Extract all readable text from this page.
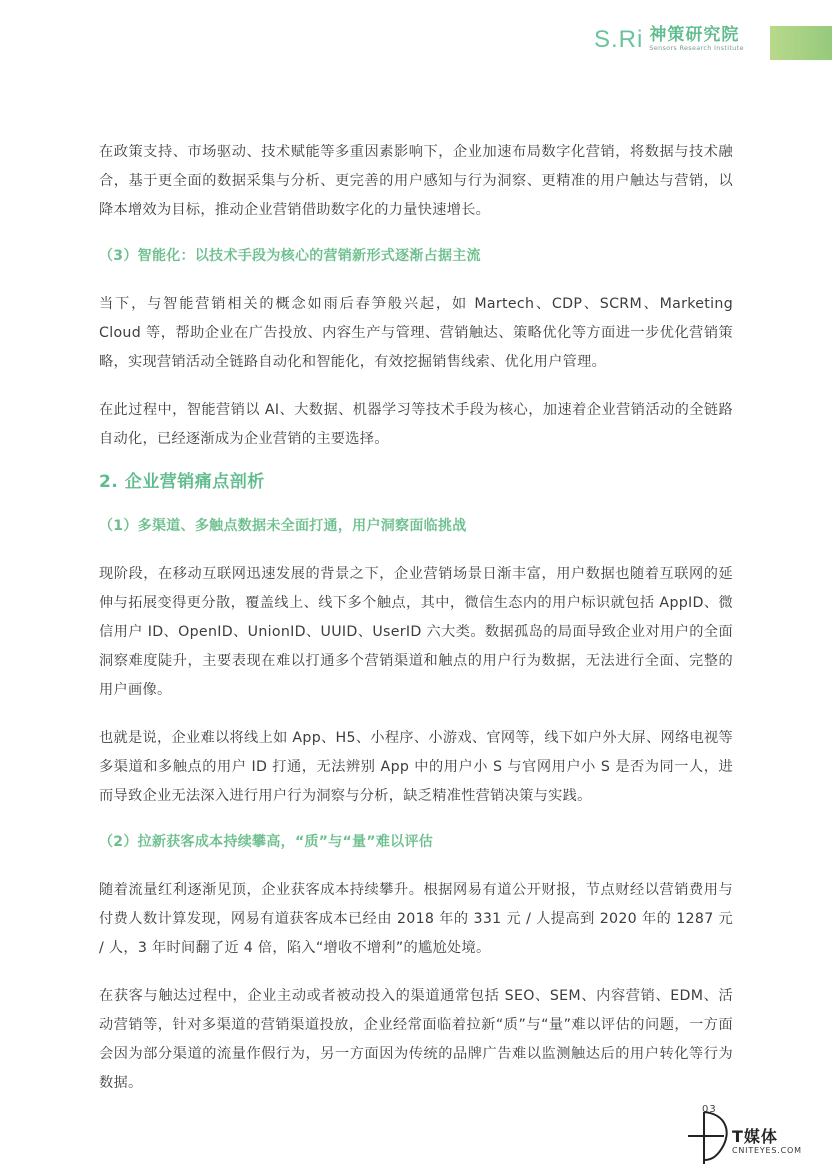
S.Ri 神策研究院
Sensors Research Institute

在政策支持、市场驱动、技术赋能等多重因素影响下，企业加速布局数字化营销，将数据与技术融合，基于更全面的数据采集与分析、更完善的用户感知与行为洞察、更精准的用户触达与营销，以降本增效为目标，推动企业营销借助数字化的力量快速增长。

（3）智能化：以技术手段为核心的营销新形式逐渐占据主流

当下，与智能营销相关的概念如雨后春笋般兴起，如 Martech、CDP、SCRM、Marketing Cloud 等，帮助企业在广告投放、内容生产与管理、营销触达、策略优化等方面进一步优化营销策略，实现营销活动全链路自动化和智能化，有效挖掘销售线索、优化用户管理。

在此过程中，智能营销以 AI、大数据、机器学习等技术手段为核心，加速着企业营销活动的全链路自动化，已经逐渐成为企业营销的主要选择。

2. 企业营销痛点剖析
（1）多渠道、多触点数据未全面打通，用户洞察面临挑战

现阶段，在移动互联网迅速发展的背景之下，企业营销场景日渐丰富，用户数据也随着互联网的延伸与拓展变得更分散，覆盖线上、线下多个触点，其中，微信生态内的用户标识就包括 AppID、微信用户 ID、OpenID、UnionID、UUID、UserID 六大类。数据孤岛的局面导致企业对用户的全面洞察难度陡升，主要表现在难以打通多个营销渠道和触点的用户行为数据，无法进行全面、完整的用户画像。

也就是说，企业难以将线上如 App、H5、小程序、小游戏、官网等，线下如户外大屏、网络电视等多渠道和多触点的用户 ID 打通，无法辨别 App 中的用户小 S 与官网用户小 S 是否为同一人，进而导致企业无法深入进行用户行为洞察与分析，缺乏精准性营销决策与实践。

（2）拉新获客成本持续攀高，“质”与“量”难以评估

随着流量红利逐渐见顶，企业获客成本持续攀升。根据网易有道公开财报，节点财经以营销费用与付费人数计算发现，网易有道获客成本已经由 2018 年的 331 元 / 人提高到 2020 年的 1287 元 / 人，3 年时间翻了近 4 倍，陷入“增收不增利”的尴尬处境。

在获客与触达过程中，企业主动或者被动投入的渠道通常包括 SEO、SEM、内容营销、EDM、活动营销等，针对多渠道的营销渠道投放，企业经常面临着拉新“质”与“量”难以评估的问题，一方面会因为部分渠道的流量作假行为，另一方面因为传统的品牌广告难以监测触达后的用户转化等行为数据。

03
T媒体
CNITEYES.COM
